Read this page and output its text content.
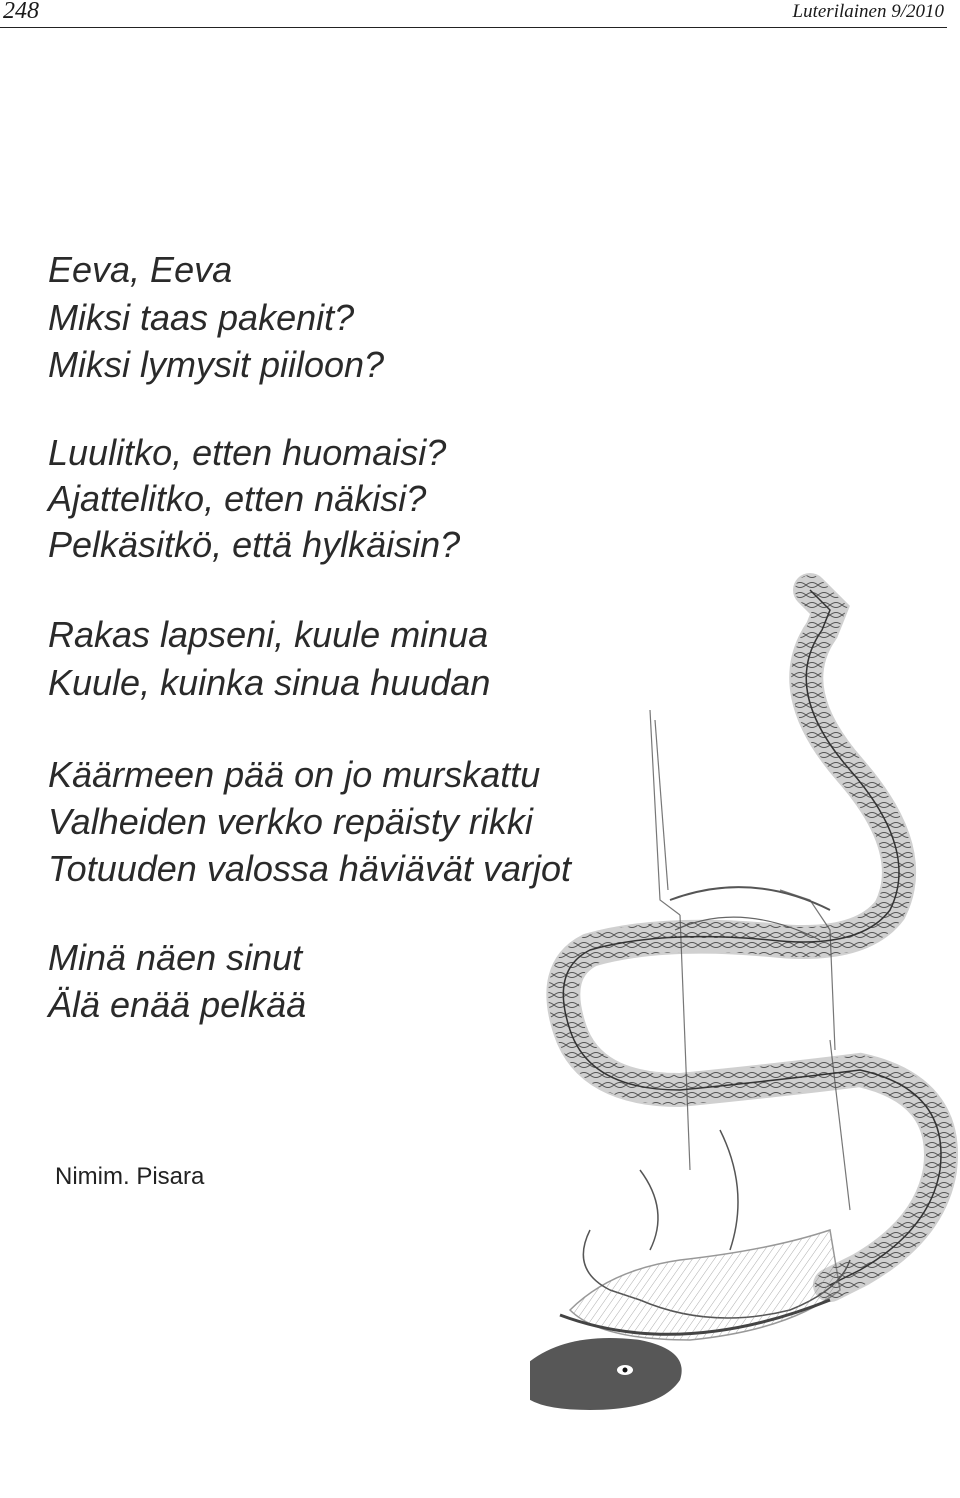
248	Luterilainen 9/2010
Eeva, Eeva
Miksi taas pakenit?
Miksi lymysit piiloon?
Luulitko, etten huomaisi?
Ajattelitko, etten näkisi?
Pelkäsitkö, että hylkäisin?
Rakas lapseni, kuule minua
Kuule, kuinka sinua huudan
Käärmeen pää on jo murskattu
Valheiden verkko repäisty rikki
Totuuden valossa häviävät varjot
Minä näen sinut
Älä enää pelkää
Nimim. Pisara
